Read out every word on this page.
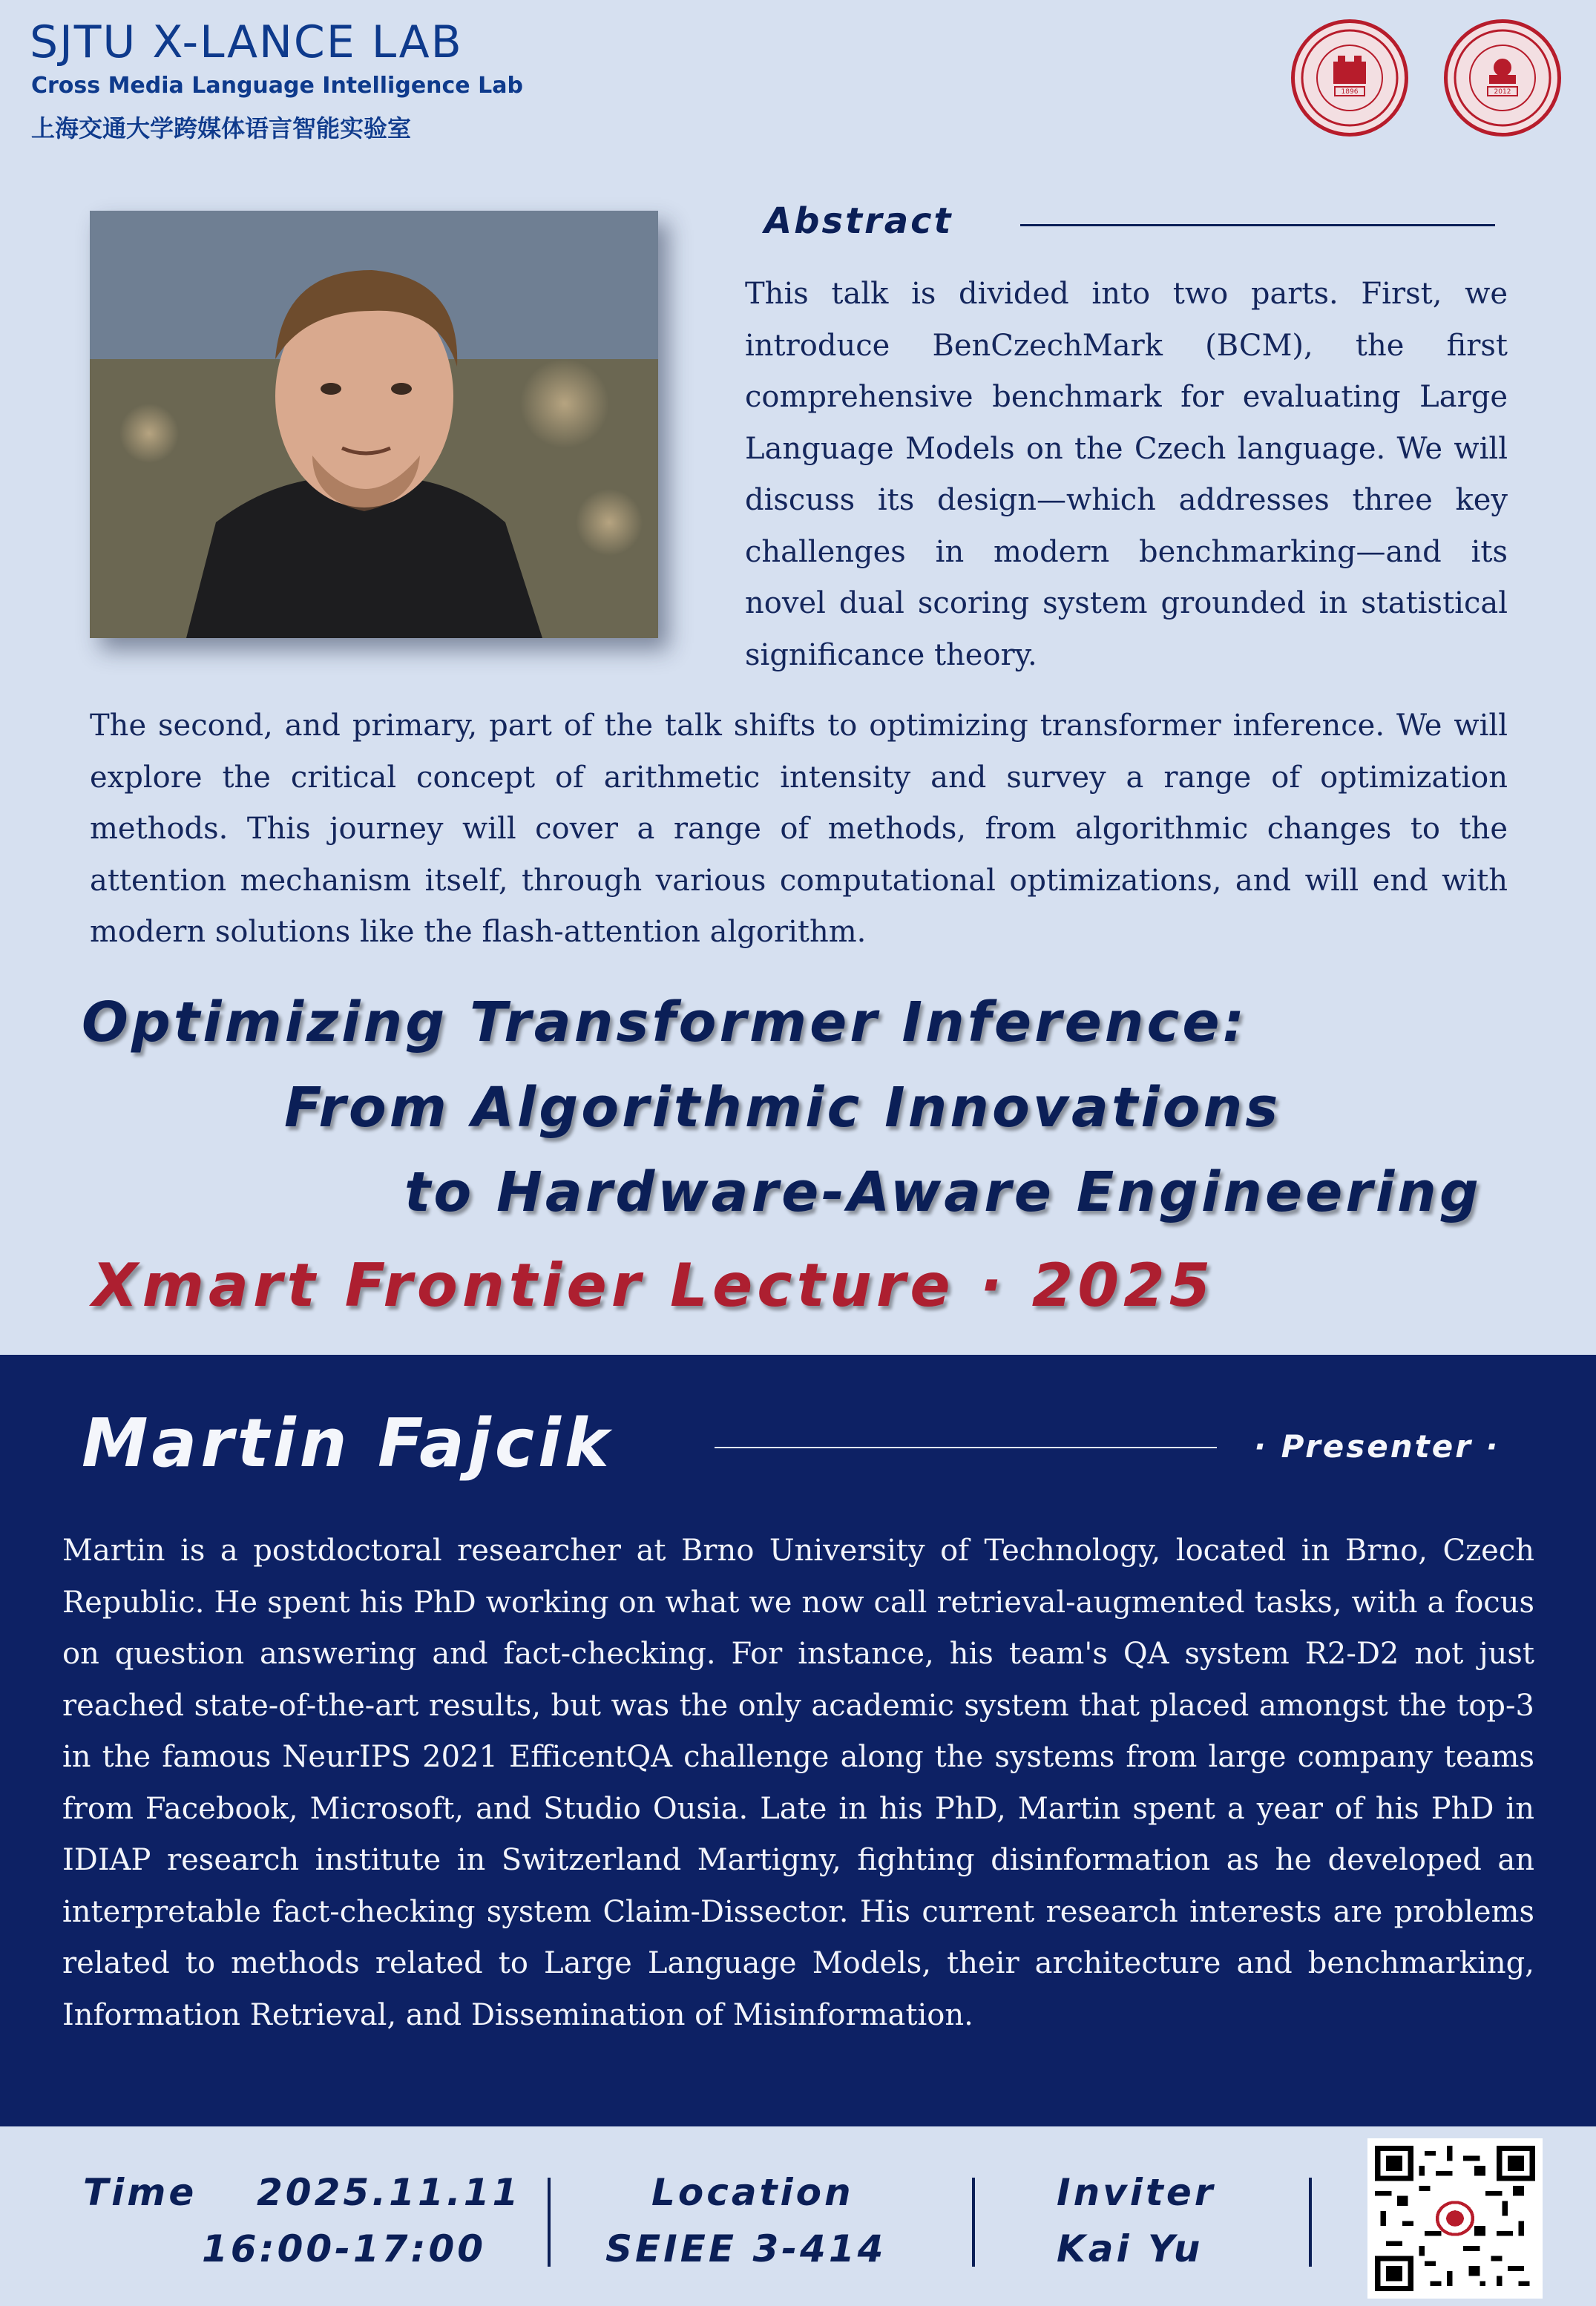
SJTU X-LANCE LAB
Cross Media Language Intelligence Lab
上海交通大学跨媒体语言智能实验室
1896	2012
Abstract

This talk is divided into two parts. First, we introduce BenCzechMark (BCM), the first comprehensive benchmark for evaluating Large Language Models on the Czech language. We will discuss its design—which addresses three key challenges in modern benchmarking—and its novel dual scoring system grounded in statistical significance theory.

The second, and primary, part of the talk shifts to optimizing transformer inference. We will explore the critical concept of arithmetic intensity and survey a range of optimization methods. This journey will cover a range of methods, from algorithmic changes to the attention mechanism itself, through various computational optimizations, and will end with modern solutions like the flash-attention algorithm.

Optimizing Transformer Inference:
From Algorithmic Innovations
to Hardware-Aware Engineering
Xmart Frontier Lecture · 2025
Martin Fajcik	· Presenter ·

Martin is a postdoctoral researcher at Brno University of Technology, located in Brno, Czech Republic. He spent his PhD working on what we now call retrieval-augmented tasks, with a focus on question answering and fact-checking. For instance, his team's QA system R2-D2 not just reached state-of-the-art results, but was the only academic system that placed amongst the top-3 in the famous NeurIPS 2021 EfficentQA challenge along the systems from large company teams from Facebook, Microsoft, and Studio Ousia. Late in his PhD, Martin spent a year of his PhD in IDIAP research institute in Switzerland Martigny, fighting disinformation as he developed an interpretable fact-checking system Claim-Dissector. His current research interests are problems related to methods related to Large Language Models, their architecture and benchmarking, Information Retrieval, and Dissemination of Misinformation.

Time 2025.11.11
16:00-17:00
Location
SEIEE 3-414
Inviter
Kai Yu
